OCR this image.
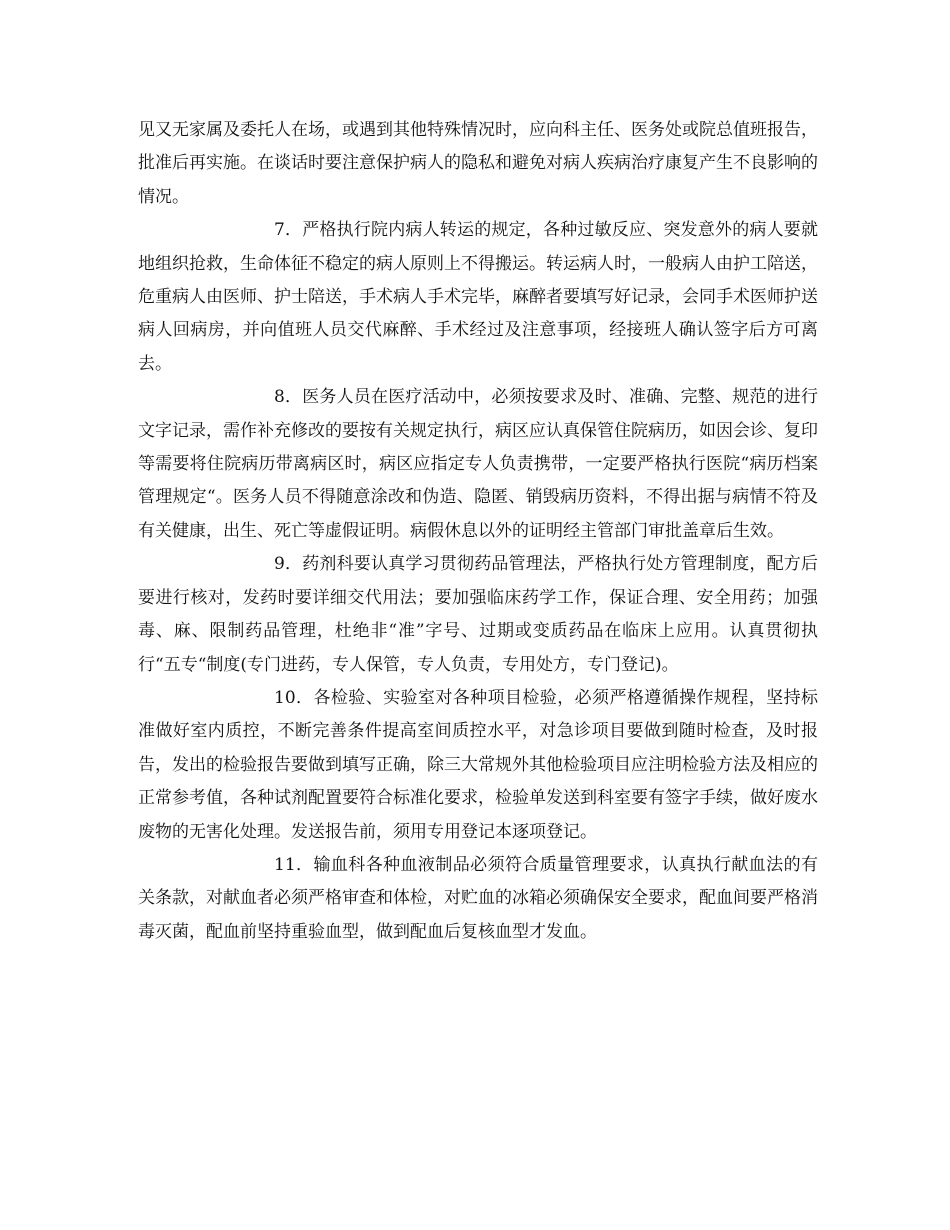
见又无家属及委托人在场，或遇到其他特殊情况时，应向科主任、医务处或院总值班报告，批准后再实施。在谈话时要注意保护病人的隐私和避免对病人疾病治疗康复产生不良影响的情况。

7．严格执行院内病人转运的规定，各种过敏反应、突发意外的病人要就地组织抢救，生命体征不稳定的病人原则上不得搬运。转运病人时，一般病人由护工陪送，危重病人由医师、护士陪送，手术病人手术完毕，麻醉者要填写好记录，会同手术医师护送病人回病房，并向值班人员交代麻醉、手术经过及注意事项，经接班人确认签字后方可离去。

8．医务人员在医疗活动中，必须按要求及时、准确、完整、规范的进行文字记录，需作补充修改的要按有关规定执行，病区应认真保管住院病历，如因会诊、复印等需要将住院病历带离病区时，病区应指定专人负责携带，一定要严格执行医院“病历档案管理规定“。医务人员不得随意涂改和伪造、隐匿、销毁病历资料，不得出据与病情不符及有关健康，出生、死亡等虚假证明。病假休息以外的证明经主管部门审批盖章后生效。

9．药剂科要认真学习贯彻药品管理法，严格执行处方管理制度，配方后要进行核对，发药时要详细交代用法；要加强临床药学工作，保证合理、安全用药；加强毒、麻、限制药品管理，杜绝非“准”字号、过期或变质药品在临床上应用。认真贯彻执行“五专“制度(专门进药，专人保管，专人负责，专用处方，专门登记)。

10．各检验、实验室对各种项目检验，必须严格遵循操作规程，坚持标准做好室内质控，不断完善条件提高室间质控水平，对急诊项目要做到随时检查，及时报告，发出的检验报告要做到填写正确，除三大常规外其他检验项目应注明检验方法及相应的正常参考值，各种试剂配置要符合标准化要求，检验单发送到科室要有签字手续，做好废水废物的无害化处理。发送报告前，须用专用登记本逐项登记。

11．输血科各种血液制品必须符合质量管理要求，认真执行献血法的有关条款，对献血者必须严格审查和体检，对贮血的冰箱必须确保安全要求，配血间要严格消毒灭菌，配血前坚持重验血型，做到配血后复核血型才发血。
